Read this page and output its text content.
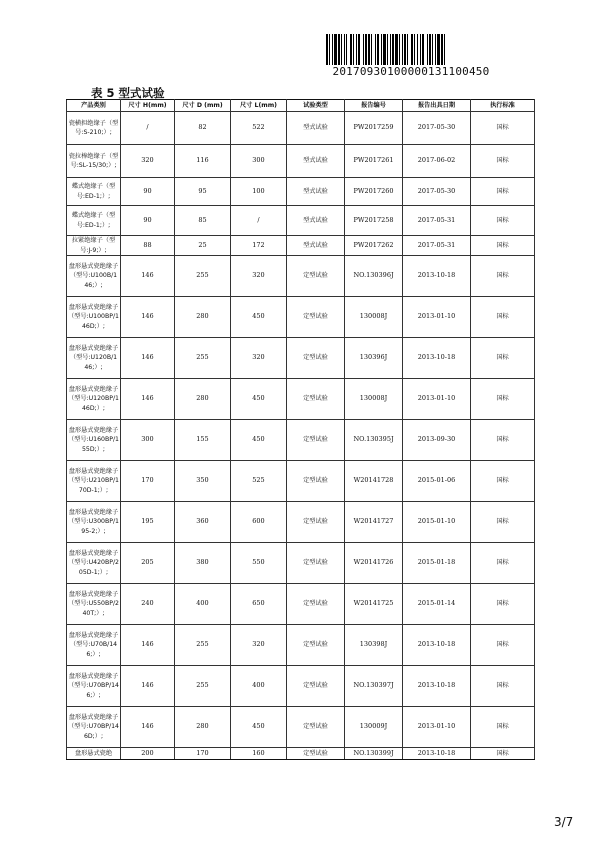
20170930100000131100450
表 5 型式试验
产品类别	尺寸 H(mm)	尺寸 D (mm)	尺寸 L(mm)	试验类型	报告编号	报告出具日期	执行标准
瓷横担绝缘子（型号:S-210;）;	/	82	522	型式试验	PW2017259	2017-05-30	国标
瓷拉棒绝缘子（型号:SL-15/30;）;	320	116	300	型式试验	PW2017261	2017-06-02	国标
蝶式绝缘子（型号:ED-1;）;	90	95	100	型式试验	PW2017260	2017-05-30	国标
蝶式绝缘子（型号:ED-1;）;	90	85	/	型式试验	PW2017258	2017-05-31	国标
拉紧绝缘子（型号:J-9;）;	88	25	172	型式试验	PW2017262	2017-05-31	国标
盘形悬式瓷绝缘子（型号:U100B/146;）;	146	255	320	定型试验	NO.130396J	2013-10-18	国标
盘形悬式瓷绝缘子（型号:U100BP/146D;）;	146	280	450	定型试验	130008J	2013-01-10	国标
盘形悬式瓷绝缘子（型号:U120B/146;）;	146	255	320	定型试验	130396J	2013-10-18	国标
盘形悬式瓷绝缘子（型号:U120BP/146D;）;	146	280	450	定型试验	130008J	2013-01-10	国标
盘形悬式瓷绝缘子（型号:U160BP/155D;）;	300	155	450	定型试验	NO.130395J	2013-09-30	国标
盘形悬式瓷绝缘子（型号:U210BP/170D-1;）;	170	350	525	定型试验	W20141728	2015-01-06	国标
盘形悬式瓷绝缘子（型号:U300BP/195-2;）;	195	360	600	定型试验	W20141727	2015-01-10	国标
盘形悬式瓷绝缘子（型号:U420BP/205D-1;）;	205	380	550	定型试验	W20141726	2015-01-18	国标
盘形悬式瓷绝缘子（型号:U550BP/240T;）;	240	400	650	定型试验	W20141725	2015-01-14	国标
盘形悬式瓷绝缘子（型号:U70B/146;）;	146	255	320	定型试验	130398J	2013-10-18	国标
盘形悬式瓷绝缘子（型号:U70BP/146;）;	146	255	400	定型试验	NO.130397J	2013-10-18	国标
盘形悬式瓷绝缘子（型号:U70BP/146D;）;	146	280	450	定型试验	130009J	2013-01-10	国标
盘形悬式瓷绝	200	170	160	定型试验	NO.130399J	2013-10-18	国标
3/7
